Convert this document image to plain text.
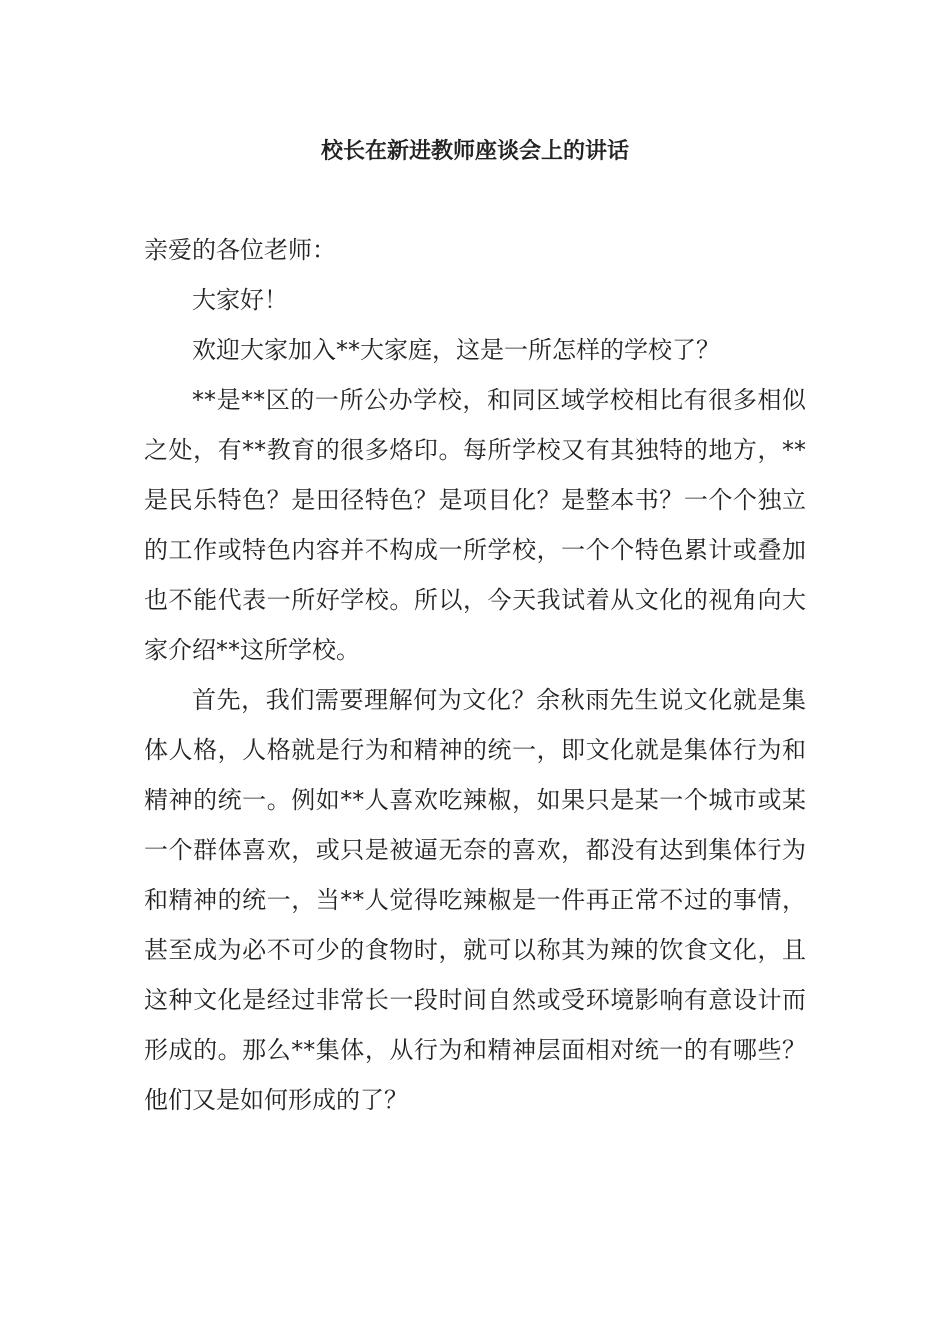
校长在新进教师座谈会上的讲话
亲爱的各位老师：
大家好！
欢迎大家加入**大家庭，这是一所怎样的学校了？
**是**区的一所公办学校，和同区域学校相比有很多相似
之处，有**教育的很多烙印。每所学校又有其独特的地方，**
是民乐特色？是田径特色？是项目化？是整本书？一个个独立
的工作或特色内容并不构成一所学校，一个个特色累计或叠加
也不能代表一所好学校。所以，今天我试着从文化的视角向大
家介绍**这所学校。
首先，我们需要理解何为文化？余秋雨先生说文化就是集
体人格，人格就是行为和精神的统一，即文化就是集体行为和
精神的统一。例如**人喜欢吃辣椒，如果只是某一个城市或某
一个群体喜欢，或只是被逼无奈的喜欢，都没有达到集体行为
和精神的统一，当**人觉得吃辣椒是一件再正常不过的事情，
甚至成为必不可少的食物时，就可以称其为辣的饮食文化，且
这种文化是经过非常长一段时间自然或受环境影响有意设计而
形成的。那么**集体，从行为和精神层面相对统一的有哪些？
他们又是如何形成的了？
